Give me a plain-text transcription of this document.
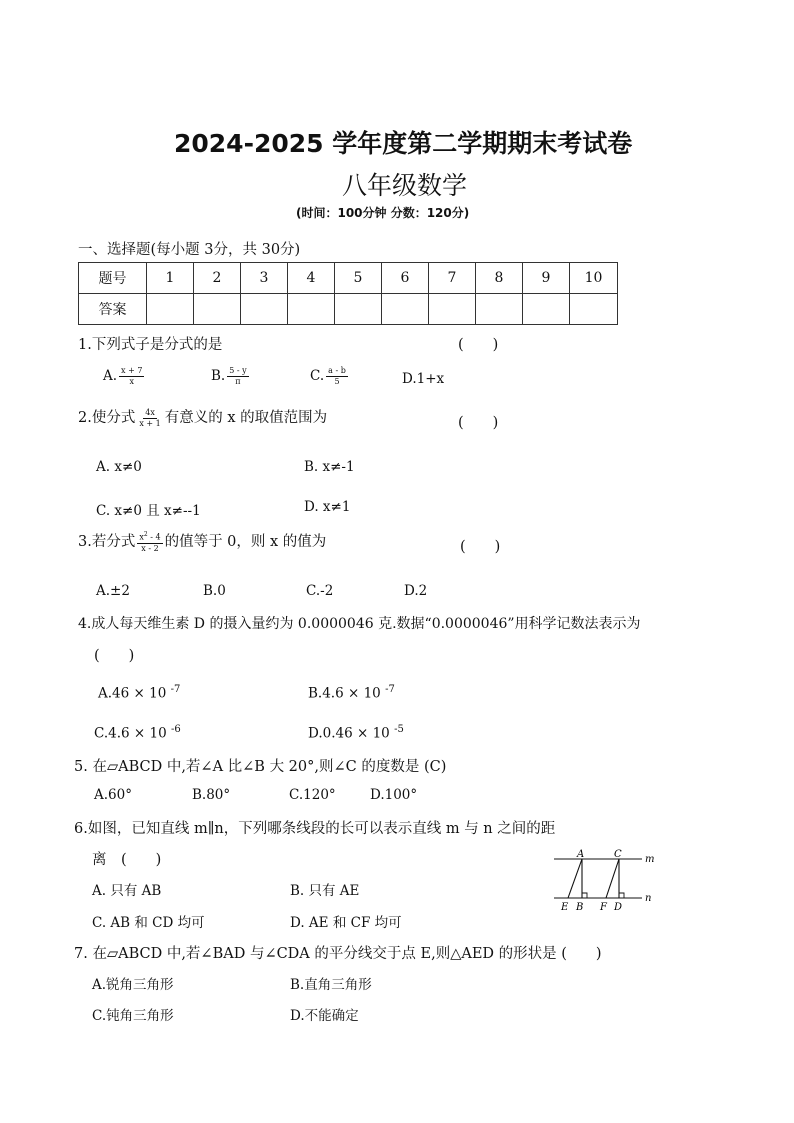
2024-2025 学年度第二学期期末考试卷
八年级数学
(时间：100分钟 分数：120分)
一、选择题(每小题 3分，共 30分)
题号	1	2	3	4	5	6	7	8	9	10
答案										
1.下列式子是分式的是	(　　)
A. $\frac{x + 7}{x}$	B. $\frac{5 - y}{\pi}$	C. $\frac{a - b}{5}$	D.1+x
2.使分式 $\frac{4x}{x + 1}$ 有意义的 x 的取值范围为	(　　)
A. x≠0	B. x≠-1
C. x≠0 且 x≠--1	D. x≠1
3.若分式 $\frac{x^2 - 4}{x - 2}$ 的值等于 0，则 x 的值为	(　　)
A.±2	B.0	C.-2	D.2
4.成人每天维生素 D 的摄入量约为 0.0000046 克.数据“0.0000046”用科学记数法表示为
(　　)
A.46 × 10 $^{-7}$	B.4.6 × 10 $^{-7}$
C.4.6 × 10 $^{-6}$	D.0.46 × 10 $^{-5}$
5. 在▱ABCD 中,若∠A 比∠B 大 20°,则∠C 的度数是 (C)
A.60°	B.80°	C.120°	D.100°
6.如图，已知直线 m∥n，下列哪条线段的长可以表示直线 m 与 n 之间的距
离　(　　)
A. 只有 AB	B. 只有 AE
C. AB 和 CD 均可	D. AE 和 CF 均可
A	C m
n
E B F D
7. 在▱ABCD 中,若∠BAD 与∠CDA 的平分线交于点 E,则△AED 的形状是 (　　)
A.锐角三角形	B.直角三角形
C.钝角三角形	D.不能确定
